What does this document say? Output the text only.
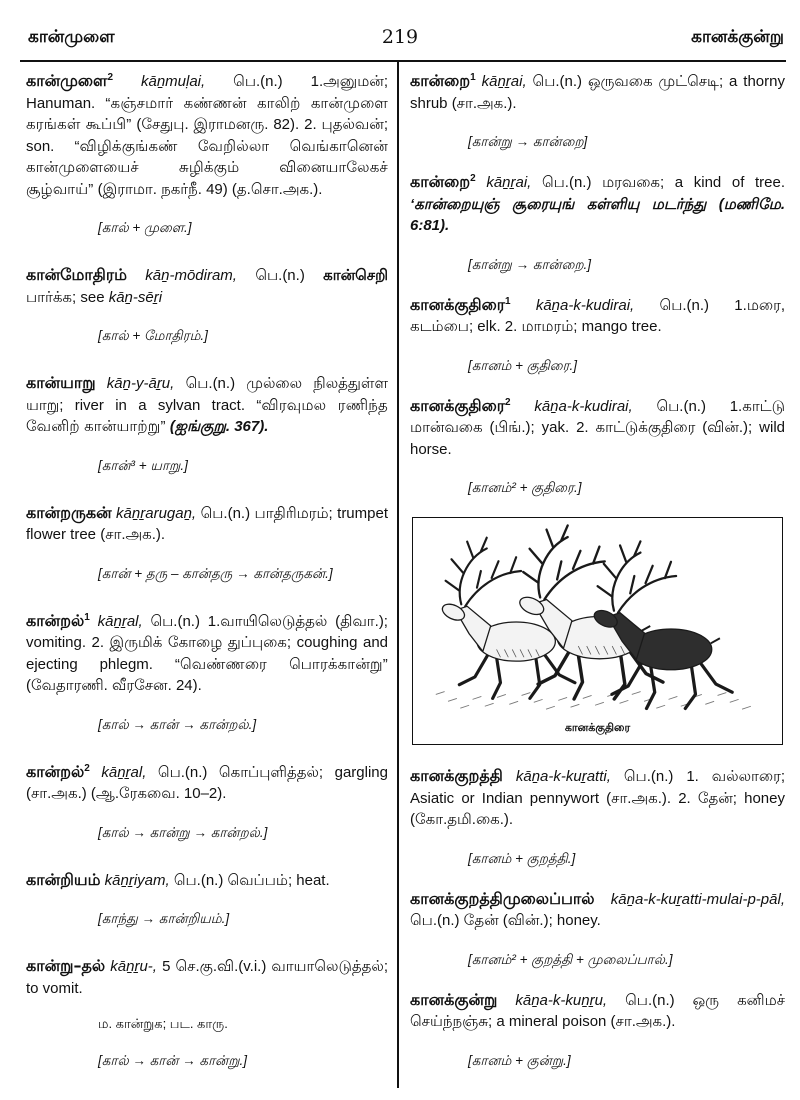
கான்முளை	219	கானக்குன்று

கான்முளை$^2$ kāṉmuḷai, பெ.(n.) 1.அனுமன்; Hanuman. “கஞ்சமார் கண்ணன் காலிற் கான்முளை கரங்கள் கூப்பி” (சேதுபு. இராமனரு. 82). 2. புதல்வன்; son. “விழிக்குங்கண் வேறில்லா வெங்கானென் கான்முளையைச் சுழிக்கும் வினையாலேகச் சூழ்வாய்” (இராமா. நகர்நீ. 49) (த.சொ.அக.).

[கால் + முளை.]

கான்மோதிரம் kāṉ-mōdiram, பெ.(n.) கான்செறி பார்க்க; see kāṉ-sēṟi

[கால் + மோதிரம்.]

கான்யாறு kāṉ-y-āṟu, பெ.(n.) முல்லை நிலத்துள்ள யாறு; river in a sylvan tract. “விரவுமல ரணிந்த வேனிற் கான்யாற்று” (ஐங்குறு. 367).

[கான்³ + யாறு.]

கான்றருகன் kāṉṟarugaṉ, பெ.(n.) பாதிரிமரம்; trumpet flower tree (சா.அக.).

[கான் + தரு – கான்தரு → கான்தருகன்.]

கான்றல்$^1$ kāṉṟal, பெ.(n.) 1.வாயிலெடுத்தல் (திவா.); vomiting. 2. இருமிக் கோழை துப்புகை; coughing and ejecting phlegm. “வெண்ணரை பொரக்கான்று” (வேதாரணி. வீரசேன. 24).

[கால் → கான் → கான்றல்.]

கான்றல்$^2$ kāṉṟal, பெ.(n.) கொப்புளித்தல்; gargling (சா.அக.) (ஆ.ரேகவை. 10–2).

[கால் → கான்று → கான்றல்.]

கான்றியம் kāṉṟiyam, பெ.(n.) வெப்பம்; heat.

[காந்து → கான்றியம்.]

கான்று–தல் kāṉṟu-, 5 செ.கு.வி.(v.i.) வாயாலெடுத்தல்; to vomit.

ம. கான்றுக; பட. காரு.

[கால் → கான் → கான்று.]

கான்றை$^1$ kāṉṟai, பெ.(n.) ஒருவகை முட்செடி; a thorny shrub (சா.அக.).

[கான்று → கான்றை]

கான்றை$^2$ kāṉṟai, பெ.(n.) மரவகை; a kind of tree. ‘கான்றையுஞ் சூரையுங் கள்ளியு மடர்ந்து (மணிமே. 6:81).

[கான்று → கான்றை.]

கானக்குதிரை$^1$ kāṉa-k-kudirai, பெ.(n.) 1.மரை, கடம்பை; elk. 2. மாமரம்; mango tree.

[கானம் + குதிரை.]

கானக்குதிரை$^2$ kāṉa-k-kudirai, பெ.(n.) 1.காட்டு மான்வகை (பிங்.); yak. 2. காட்டுக்குதிரை (வின்.); wild horse.

[கானம்² + குதிரை.]

கானக்குதிரை

கானக்குறத்தி kāṉa-k-kuṟatti, பெ.(n.) 1. வல்லாரை; Asiatic or Indian pennywort (சா.அக.). 2. தேன்; honey (கோ.தமி.கை.).

[கானம் + குறத்தி.]

கானக்குறத்திமுலைப்பால் kāṉa-k-kuṟatti-mulai-p-pāl, பெ.(n.) தேன் (வின்.); honey.

[கானம்² + குறத்தி + முலைப்பால்.]

கானக்குன்று kāṉa-k-kuṉṟu, பெ.(n.) ஒரு கனிமச் செய்ந்நஞ்சு; a mineral poison (சா.அக.).

[கானம் + குன்று.]
